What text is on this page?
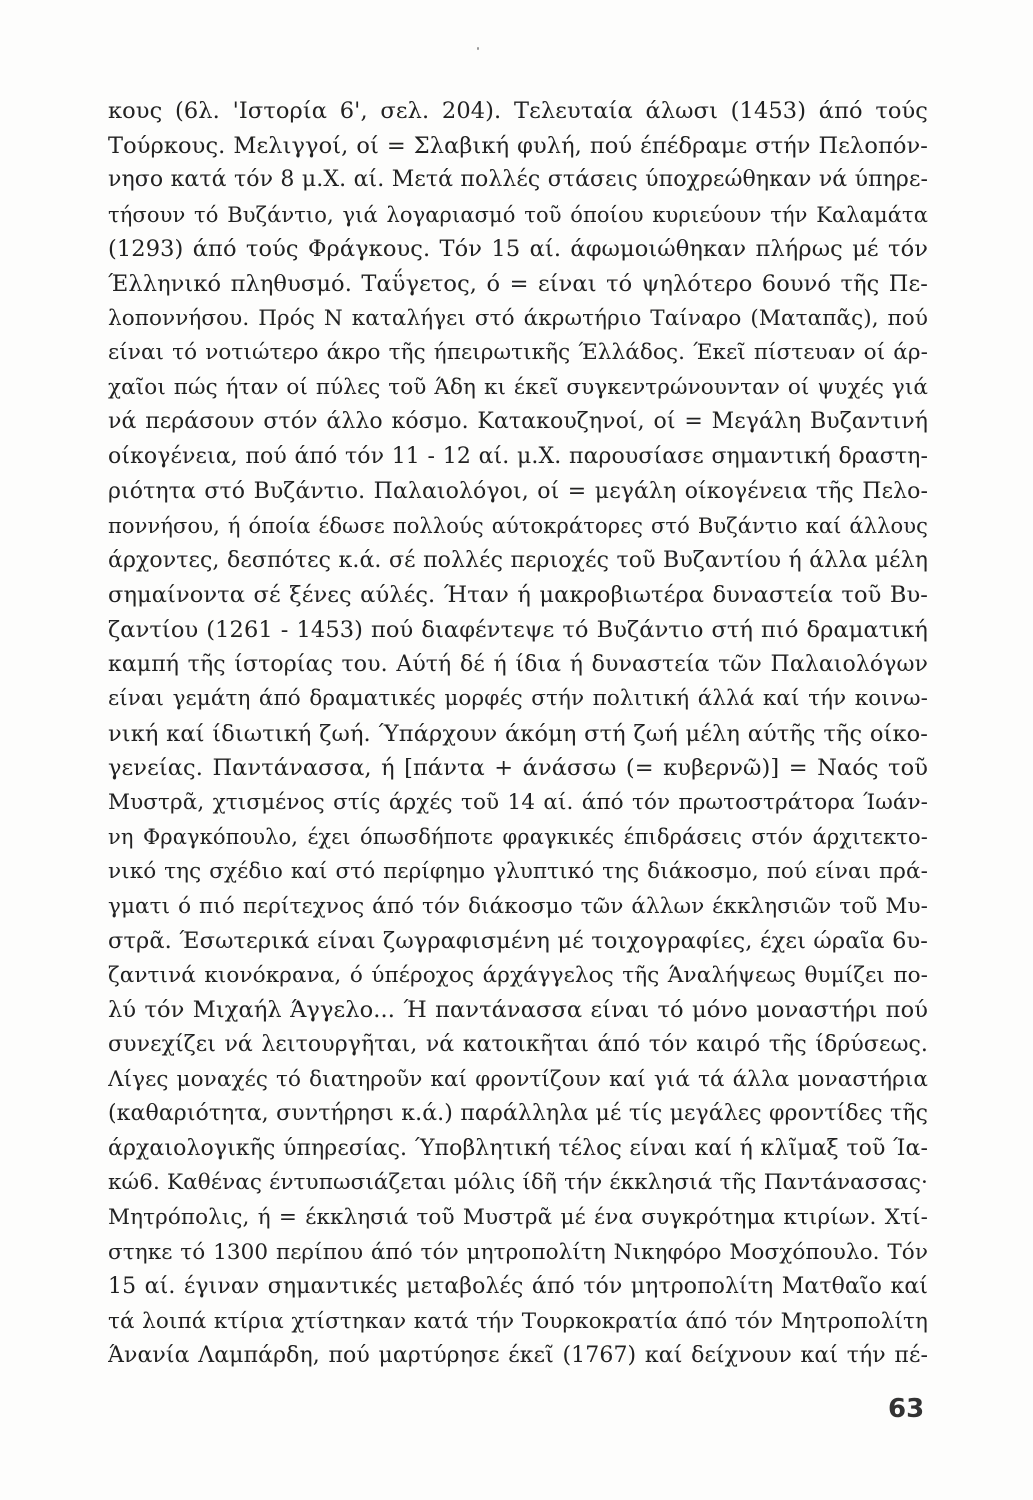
κους (6λ. 'Ιστορία 6', σελ. 204). Τελευταία άλωσι (1453) άπό τούς
Τούρκους. Μελιγγοί, οί = Σλαβική φυλή, πού έπέδραμε στήν Πελοπόν-
νησο κατά τόν 8 μ.Χ. αί. Μετά πολλές στάσεις ύποχρεώθηκαν νά ύπηρε-
τήσουν τό Βυζάντιο, γιά λογαριασμό τοῦ όποίου κυριεύουν τήν Καλαμάτα
(1293) άπό τούς Φράγκους. Τόν 15 αί. άφωμοιώθηκαν πλήρως μέ τόν
Έλληνικό πληθυσμό. Ταΰγετος, ό = είναι τό ψηλότερο 6ουνό τῆς Πε-
λοποννήσου. Πρός Ν καταλήγει στό άκρωτήριο Ταίναρο (Ματαπᾶς), πού
είναι τό νοτιώτερο άκρο τῆς ήπειρωτικῆς Έλλάδος. Έκεῖ πίστευαν οί άρ-
χαῖοι πώς ήταν οί πύλες τοῦ Άδη κι έκεῖ συγκεντρώνουνταν οί ψυχές γιά
νά περάσουν στόν άλλο κόσμο. Κατακουζηνοί, οί = Μεγάλη Βυζαντινή
οίκογένεια, πού άπό τόν 11 - 12 αί. μ.Χ. παρουσίασε σημαντική δραστη-
ριότητα στό Βυζάντιο. Παλαιολόγοι, οί = μεγάλη οίκογένεια τῆς Πελο-
ποννήσου, ή όποία έδωσε πολλούς αύτοκράτορες στό Βυζάντιο καί άλλους
άρχοντες, δεσπότες κ.ά. σέ πολλές περιοχές τοῦ Βυζαντίου ή άλλα μέλη
σημαίνοντα σέ ξένες αύλές. Ήταν ή μακροβιωτέρα δυναστεία τοῦ Βυ-
ζαντίου (1261 - 1453) πού διαφέντεψε τό Βυζάντιο στή πιό δραματική
καμπή τῆς ίστορίας του. Αύτή δέ ή ίδια ή δυναστεία τῶν Παλαιολόγων
είναι γεμάτη άπό δραματικές μορφές στήν πολιτική άλλά καί τήν κοινω-
νική καί ίδιωτική ζωή. Ύπάρχουν άκόμη στή ζωή μέλη αύτῆς τῆς οίκο-
γενείας. Παντάνασσα, ή [πάντα + άνάσσω (= κυβερνῶ)] = Ναός τοῦ
Μυστρᾶ, χτισμένος στίς άρχές τοῦ 14 αί. άπό τόν πρωτοστράτορα Ίωάν-
νη Φραγκόπουλο, έχει όπωσδήποτε φραγκικές έπιδράσεις στόν άρχιτεκτο-
νικό της σχέδιο καί στό περίφημο γλυπτικό της διάκοσμο, πού είναι πρά-
γματι ό πιό περίτεχνος άπό τόν διάκοσμο τῶν άλλων έκκλησιῶν τοῦ Μυ-
στρᾶ. Έσωτερικά είναι ζωγραφισμένη μέ τοιχογραφίες, έχει ώραῖα 6υ-
ζαντινά κιονόκρανα, ό ύπέροχος άρχάγγελος τῆς Άναλήψεως θυμίζει πο-
λύ τόν Μιχαήλ Άγγελο... Ή παντάνασσα είναι τό μόνο μοναστήρι πού
συνεχίζει νά λειτουργῆται, νά κατοικῆται άπό τόν καιρό τῆς ίδρύσεως.
Λίγες μοναχές τό διατηροῦν καί φροντίζουν καί γιά τά άλλα μοναστήρια
(καθαριότητα, συντήρησι κ.ά.) παράλληλα μέ τίς μεγάλες φροντίδες τῆς
άρχαιολογικῆς ύπηρεσίας. Ύποβλητική τέλος είναι καί ή κλῖμαξ τοῦ Ία-
κώ6. Καθένας έντυπωσιάζεται μόλις ίδῆ τήν έκκλησιά τῆς Παντάνασσας·
Μητρόπολις, ή = έκκλησιά τοῦ Μυστρᾶ μέ ένα συγκρότημα κτιρίων. Χτί-
στηκε τό 1300 περίπου άπό τόν μητροπολίτη Νικηφόρο Μοσχόπουλο. Τόν
15 αί. έγιναν σημαντικές μεταβολές άπό τόν μητροπολίτη Ματθαῖο καί
τά λοιπά κτίρια χτίστηκαν κατά τήν Τουρκοκρατία άπό τόν Μητροπολίτη
Άνανία Λαμπάρδη, πού μαρτύρησε έκεῖ (1767) καί δείχνουν καί τήν πέ-
63
